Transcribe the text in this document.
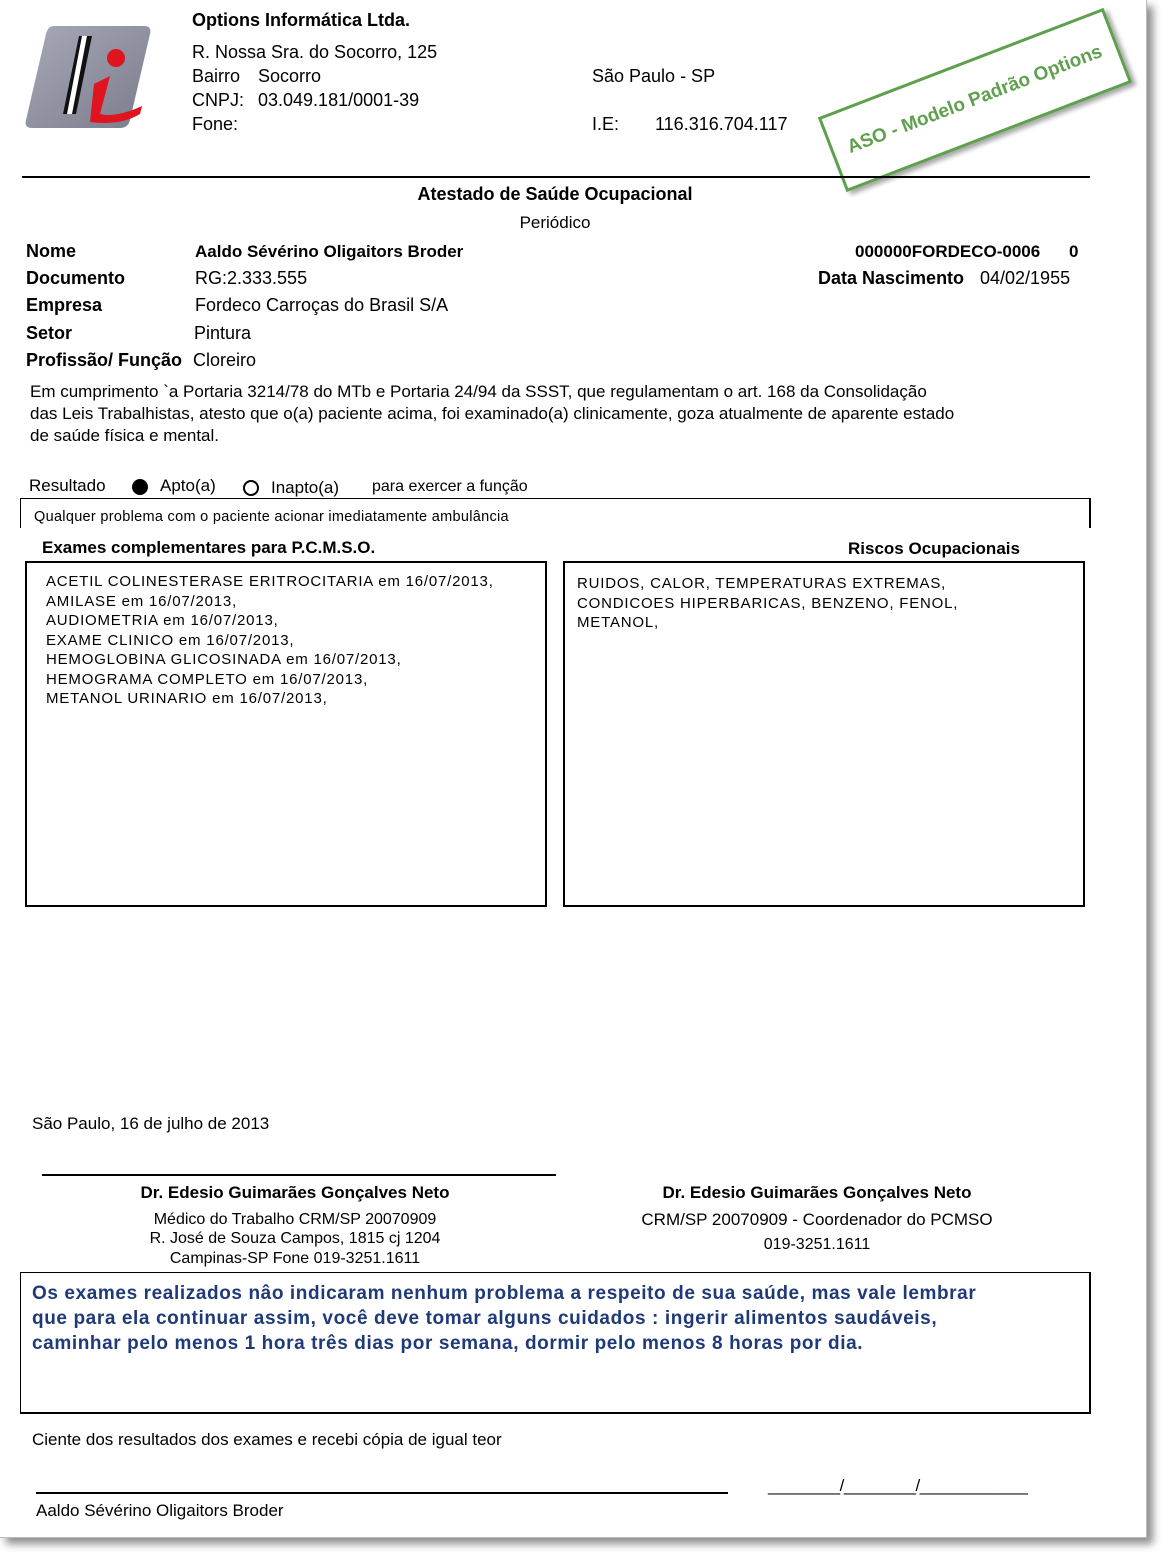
Options Informática Ltda.
R. Nossa Sra. do Socorro, 125
Bairro Socorro	São Paulo - SP
CNPJ: 03.049.181/0001-39
Fone:	I.E: 116.316.704.117	ASO - Modelo Padrão Options
Atestado de Saúde Ocupacional
Periódico
Nome	Aaldo Sévérino Oligaitors Broder	000000FORDECO-0006 0
Documento	RG:2.333.555	Data Nascimento 04/02/1955
Empresa	Fordeco Carroças do Brasil S/A
Setor	Pintura
Profissão/ Função Cloreiro
Em cumprimento `a Portaria 3214/78 do MTb e Portaria 24/94 da SSST, que regulamentam o art. 168 da Consolidação
das Leis Trabalhistas, atesto que o(a) paciente acima, foi examinado(a) clinicamente, goza atualmente de aparente estado
de saúde física e mental.
Resultado	Apto(a)	Inapto(a) para exercer a função
Qualquer problema com o paciente acionar imediatamente ambulância
Exames complementares para P.C.M.S.O.	Riscos Ocupacionais
ACETIL COLINESTERASE ERITROCITARIA em 16/07/2013,
AMILASE em 16/07/2013,
AUDIOMETRIA em 16/07/2013,
EXAME CLINICO em 16/07/2013,
HEMOGLOBINA GLICOSINADA em 16/07/2013,
HEMOGRAMA COMPLETO em 16/07/2013,
METANOL URINARIO em 16/07/2013,
RUIDOS, CALOR, TEMPERATURAS EXTREMAS,
CONDICOES HIPERBARICAS, BENZENO, FENOL,
METANOL,
São Paulo, 16 de julho de 2013
Dr. Edesio Guimarães Gonçalves Neto
Médico do Trabalho CRM/SP 20070909
R. José de Souza Campos, 1815 cj 1204
Campinas-SP Fone 019-3251.1611
Dr. Edesio Guimarães Gonçalves Neto
CRM/SP 20070909 - Coordenador do PCMSO
019-3251.1611
Os exames realizados nâo indicaram nenhum problema a respeito de sua saúde, mas vale lembrar
que para ela continuar assim, você deve tomar alguns cuidados : ingerir alimentos saudáveis,
caminhar pelo menos 1 hora três dias por semana, dormir pelo menos 8 horas por dia.
Ciente dos resultados dos exames e recebi cópia de igual teor
________/________/____________
Aaldo Sévérino Oligaitors Broder
